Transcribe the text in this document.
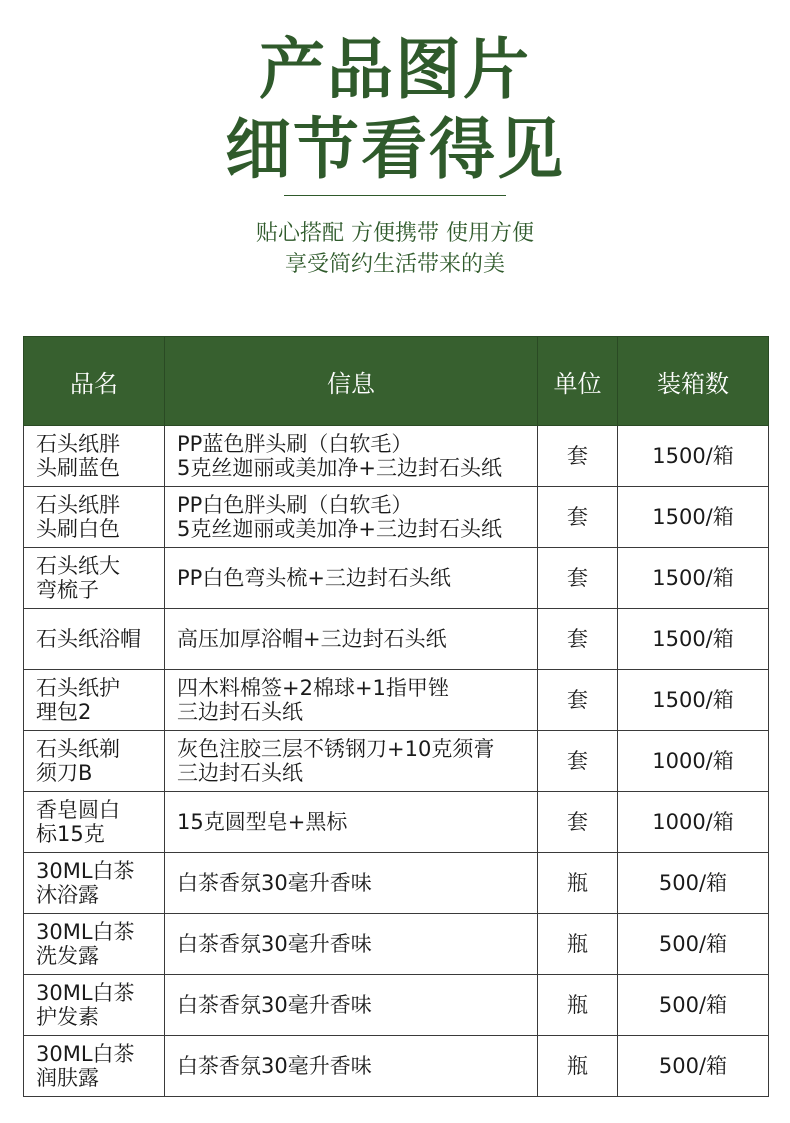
产品图片
细节看得见
贴心搭配 方便携带 使用方便
享受简约生活带来的美
品名	信息	单位	装箱数

石头纸胖
头刷蓝色	PP蓝色胖头刷（白软毛）
5克丝迦丽或美加净+三边封石头纸	套	1500/箱

石头纸胖
头刷白色	PP白色胖头刷（白软毛）
5克丝迦丽或美加净+三边封石头纸	套	1500/箱

石头纸大
弯梳子	PP白色弯头梳+三边封石头纸	套	1500/箱

石头纸浴帽	高压加厚浴帽+三边封石头纸	套	1500/箱

石头纸护
理包2	四木料棉签+2棉球+1指甲锉
三边封石头纸	套	1500/箱

石头纸剃
须刀B	灰色注胶三层不锈钢刀+10克须膏
三边封石头纸	套	1000/箱

香皂圆白
标15克	15克圆型皂+黑标	套	1000/箱

30ML白茶
沐浴露	白茶香氛30毫升香味	瓶	500/箱

30ML白茶
洗发露	白茶香氛30毫升香味	瓶	500/箱

30ML白茶
护发素	白茶香氛30毫升香味	瓶	500/箱

30ML白茶
润肤露	白茶香氛30毫升香味	瓶	500/箱
